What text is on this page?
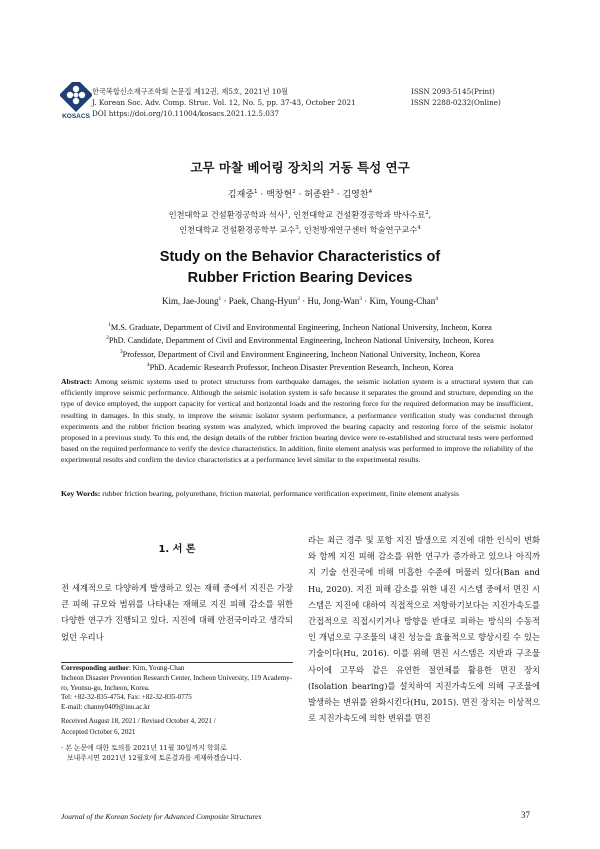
KOSACS
한국복합신소재구조학회 논문집 제12권, 제5호, 2021년 10월
J. Korean Soc. Adv. Comp. Struc. Vol. 12, No. 5, pp. 37-43, October 2021
DOI https://doi.org/10.11004/kosacs.2021.12.5.037
ISSN 2093-5145(Print)
ISSN 2288-0232(Online)
고무 마찰 베어링 장치의 거동 특성 연구
김재중$^1$ · 백창현$^2$ · 허종완$^3$ · 김영찬$^4$
인천대학교 건설환경공학과 석사$^1$, 인천대학교 건설환경공학과 박사수료$^2$,
인천대학교 건설환경공학부 교수$^3$, 인천방재연구센터 학술연구교수$^4$
Study on the Behavior Characteristics of
Rubber Friction Bearing Devices
Kim, Jae-Joung$^1$ · Paek, Chang-Hyun$^2$ · Hu, Jong-Wan$^3$ · Kim, Young-Chan$^4$
$^1$M.S. Graduate, Department of Civil and Environmental Engineering, Incheon National University, Incheon, Korea
$^2$PhD. Candidate, Department of Civil and Environmental Engineering, Incheon National University, Incheon, Korea
$^3$Professor, Department of Civil and Environment Engineering, Incheon National University, Incheon, Korea
$^4$PhD. Academic Research Professor, Incheon Disaster Prevention Research, Incheon, Korea
Abstract: Among seismic systems used to protect structures from earthquake damages, the seismic isolation system is a structural system that can efficiently improve seismic performance. Although the seismic isolation system is safe because it separates the ground and structure, depending on the type of device employed, the support capacity for vertical and horizontal loads and the restoring force for the required deformation may be insufficient, resulting in damages. In this study, to improve the seismic isolator system performance, a performance verification study was conducted through experiments and the rubber friction bearing system was analyzed, which improved the bearing capacity and restoring force of the seismic isolator proposed in a previous study. To this end, the design details of the rubber friction bearing device were re-established and structural tests were performed based on the required performance to verify the device characteristics. In addition, finite element analysis was performed to improve the reliability of the experimental results and confirm the device characteristics at a performance level similar to the experimental results.
Key Words: rubber friction bearing, polyurethane, friction material, performance verification experiment, finite element analysis
1. 서 론
전 세계적으로 다양하게 발생하고 있는 재해 중에서 지진은 가장 큰 피해 규모와 범위를 나타내는 재해로 지진 피해 감소를 위한 다양한 연구가 진행되고 있다. 지진에 대해 안전국이라고 생각되었던 우리나
라는 최근 경주 및 포항 지진 발생으로 지진에 대한 인식이 변화와 함께 지진 피해 감소를 위한 연구가 증가하고 있으나 아직까지 기술 선진국에 비해 미흡한 수준에 머물러 있다(Ban and Hu, 2020). 지진 피해 감소를 위한 내진 시스템 중에서 면진 시스템은 지진에 대하여 직접적으로 저항하기보다는 지진가속도를 간접적으로 직접시키거나 방향을 반대로 피하는 방식의 수동적인 개념으로 구조물의 내진 성능을 효율적으로 향상시킬 수 있는 기술이다(Hu, 2016). 이를 위해 면진 시스템은 지반과 구조물 사이에 고무와 같은 유연한 절연체를 활용한 면진 장치(Isolation bearing)를 설치하여 지진가속도에 의해 구조물에 발생하는 변위를 완화시킨다(Hu, 2015). 면진 장치는 이상적으로 지진가속도에 의한 변위를 면진
Corresponding author: Kim, Young-Chan
Incheon Disaster Prevention Research Center, Incheon University, 119 Academy-ro, Yeonsu-gu, Incheon, Korea.
Tel: +82-32-835-4754, Fax: +82-32-835-0775
E-mail: channy0409@inu.ac.kr
Received August 18, 2021 / Revised October 4, 2021 /
Accepted October 6, 2021
· 본 논문에 대한 토의를 2021년 11월 30일까지 학회로
보내주시면 2021년 12월호에 토론결과를 게재하겠습니다.
Journal of the Korean Society for Advanced Composite Structures	37
